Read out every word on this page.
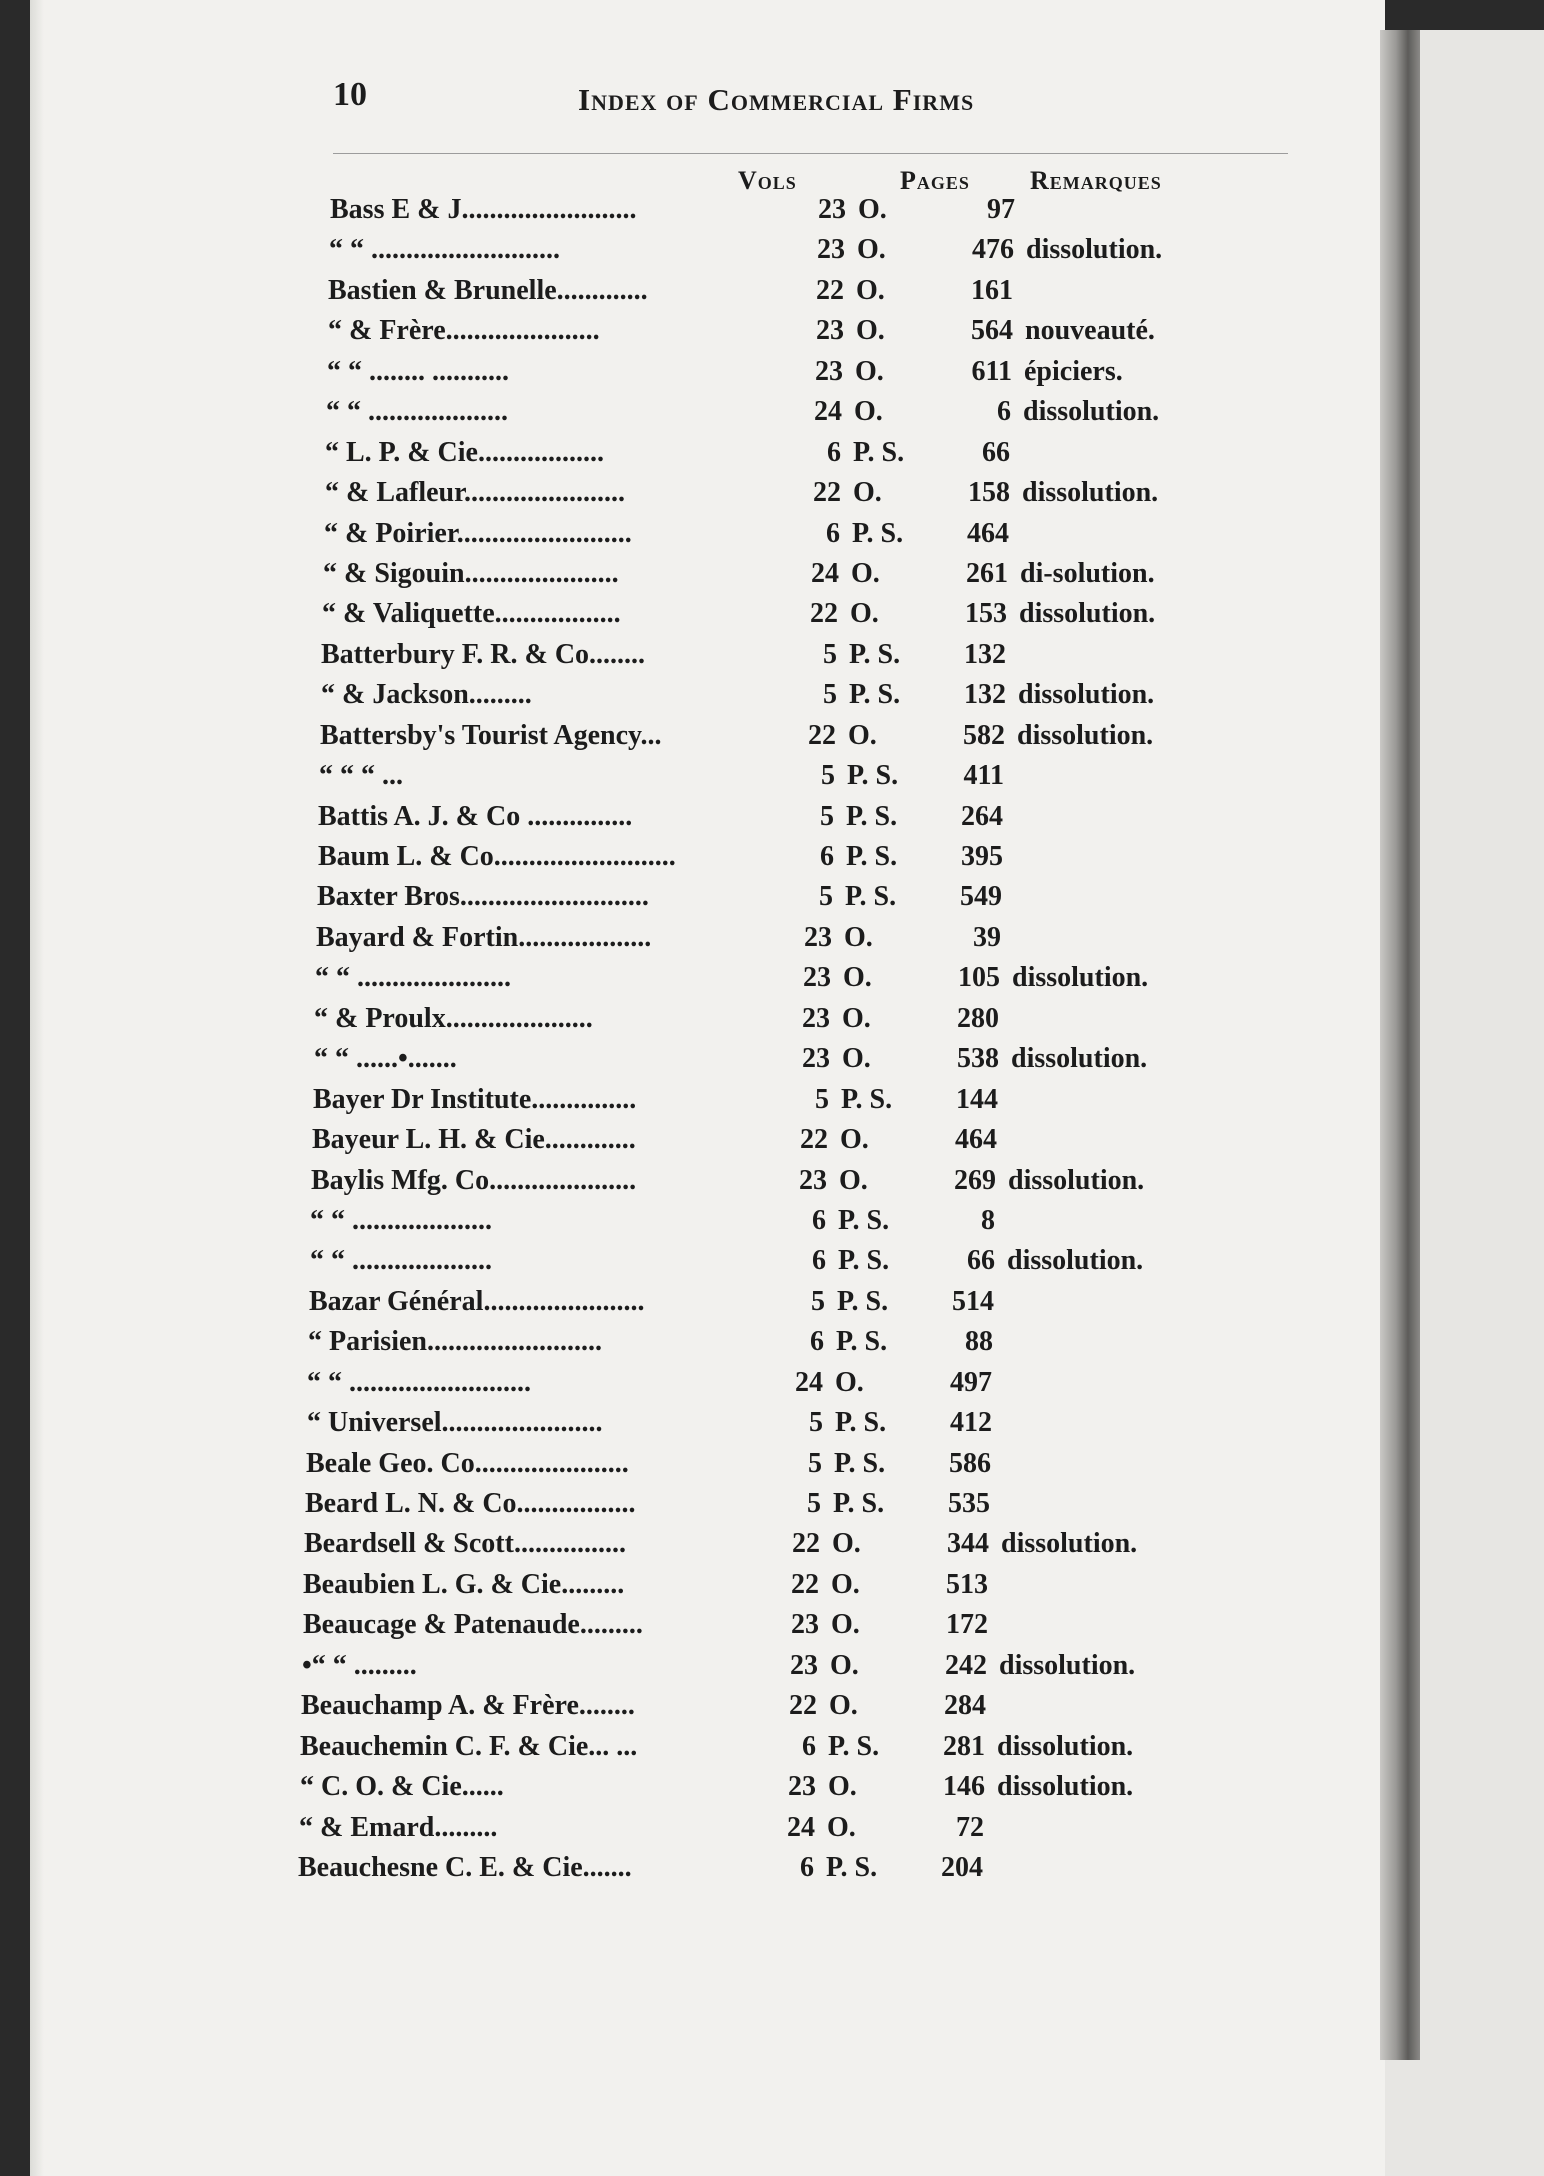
10	Index of Commercial Firms
Vols	Pages Remarques
Bass E & J.........................	23 O.	97
“ “ ...........................	23 O.	476 dissolution.
Bastien & Brunelle.............	22 O.	161
“ & Frère......................	23 O.	564 nouveauté.
“ “ ........ ...........	23 O.	611 épiciers.
“ “ ....................	24 O.	6 dissolution.
“ L. P. & Cie..................	6 P. S.	66
“ & Lafleur.......................	22 O.	158 dissolution.
“ & Poirier.........................	6 P. S.	464
“ & Sigouin......................	24 O.	261 di-solution.
“ & Valiquette..................	22 O.	153 dissolution.
Batterbury F. R. & Co........	5 P. S.	132
“ & Jackson.........	5 P. S.	132 dissolution.
Battersby's Tourist Agency...	22 O.	582 dissolution.
“ “ “ ...	5 P. S.	411
Battis A. J. & Co ...............	5 P. S.	264
Baum L. & Co..........................	6 P. S.	395
Baxter Bros...........................	5 P. S.	549
Bayard & Fortin...................	23 O.	39
“ “ ......................	23 O.	105 dissolution.
“ & Proulx.....................	23 O.	280
“ “ ......•.......	23 O.	538 dissolution.
Bayer Dr Institute...............	5 P. S.	144
Bayeur L. H. & Cie.............	22 O.	464
Baylis Mfg. Co.....................	23 O.	269 dissolution.
“ “ ....................	6 P. S.	8
“ “ ....................	6 P. S.	66 dissolution.
Bazar Général.......................	5 P. S.	514
“ Parisien.........................	6 P. S.	88
“ “ ..........................	24 O.	497
“ Universel.......................	5 P. S.	412
Beale Geo. Co......................	5 P. S.	586
Beard L. N. & Co.................	5 P. S.	535
Beardsell & Scott................	22 O.	344 dissolution.
Beaubien L. G. & Cie.........	22 O.	513
Beaucage & Patenaude.........	23 O.	172
•“ “ .........	23 O.	242 dissolution.
Beauchamp A. & Frère........	22 O.	284
Beauchemin C. F. & Cie... ...	6 P. S.	281 dissolution.
“ C. O. & Cie......	23 O.	146 dissolution.
“ & Emard.........	24 O.	72
Beauchesne C. E. & Cie.......	6 P. S.	204
